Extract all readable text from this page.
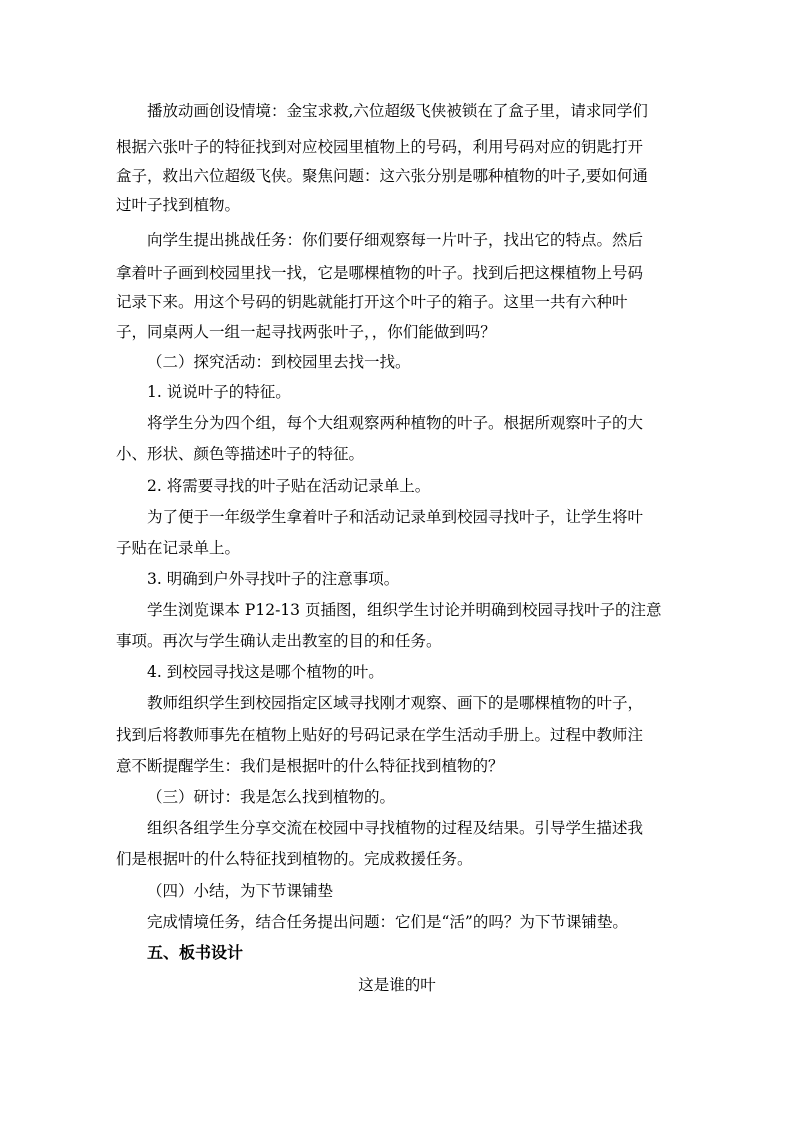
播放动画创设情境：金宝求救,六位超级飞侠被锁在了盒子里，请求同学们
根据六张叶子的特征找到对应校园里植物上的号码，利用号码对应的钥匙打开
盒子，救出六位超级飞侠。聚焦问题：这六张分别是哪种植物的叶子,要如何通
过叶子找到植物。
向学生提出挑战任务：你们要仔细观察每一片叶子，找出它的特点。然后
拿着叶子画到校园里找一找，它是哪棵植物的叶子。找到后把这棵植物上号码
记录下来。用这个号码的钥匙就能打开这个叶子的箱子。这里一共有六种叶
子，同桌两人一组一起寻找两张叶子，，你们能做到吗？
（二）探究活动：到校园里去找一找。
1. 说说叶子的特征。
将学生分为四个组，每个大组观察两种植物的叶子。根据所观察叶子的大
小、形状、颜色等描述叶子的特征。
2. 将需要寻找的叶子贴在活动记录单上。
为了便于一年级学生拿着叶子和活动记录单到校园寻找叶子，让学生将叶
子贴在记录单上。
3. 明确到户外寻找叶子的注意事项。
学生浏览课本 P12-13 页插图，组织学生讨论并明确到校园寻找叶子的注意
事项。再次与学生确认走出教室的目的和任务。
4. 到校园寻找这是哪个植物的叶。
教师组织学生到校园指定区域寻找刚才观察、画下的是哪棵植物的叶子，
找到后将教师事先在植物上贴好的号码记录在学生活动手册上。过程中教师注
意不断提醒学生：我们是根据叶的什么特征找到植物的？
（三）研讨：我是怎么找到植物的。
组织各组学生分享交流在校园中寻找植物的过程及结果。引导学生描述我
们是根据叶的什么特征找到植物的。完成救援任务。
（四）小结，为下节课铺垫
完成情境任务，结合任务提出问题：它们是“活”的吗？为下节课铺垫。
五、板书设计
这是谁的叶
